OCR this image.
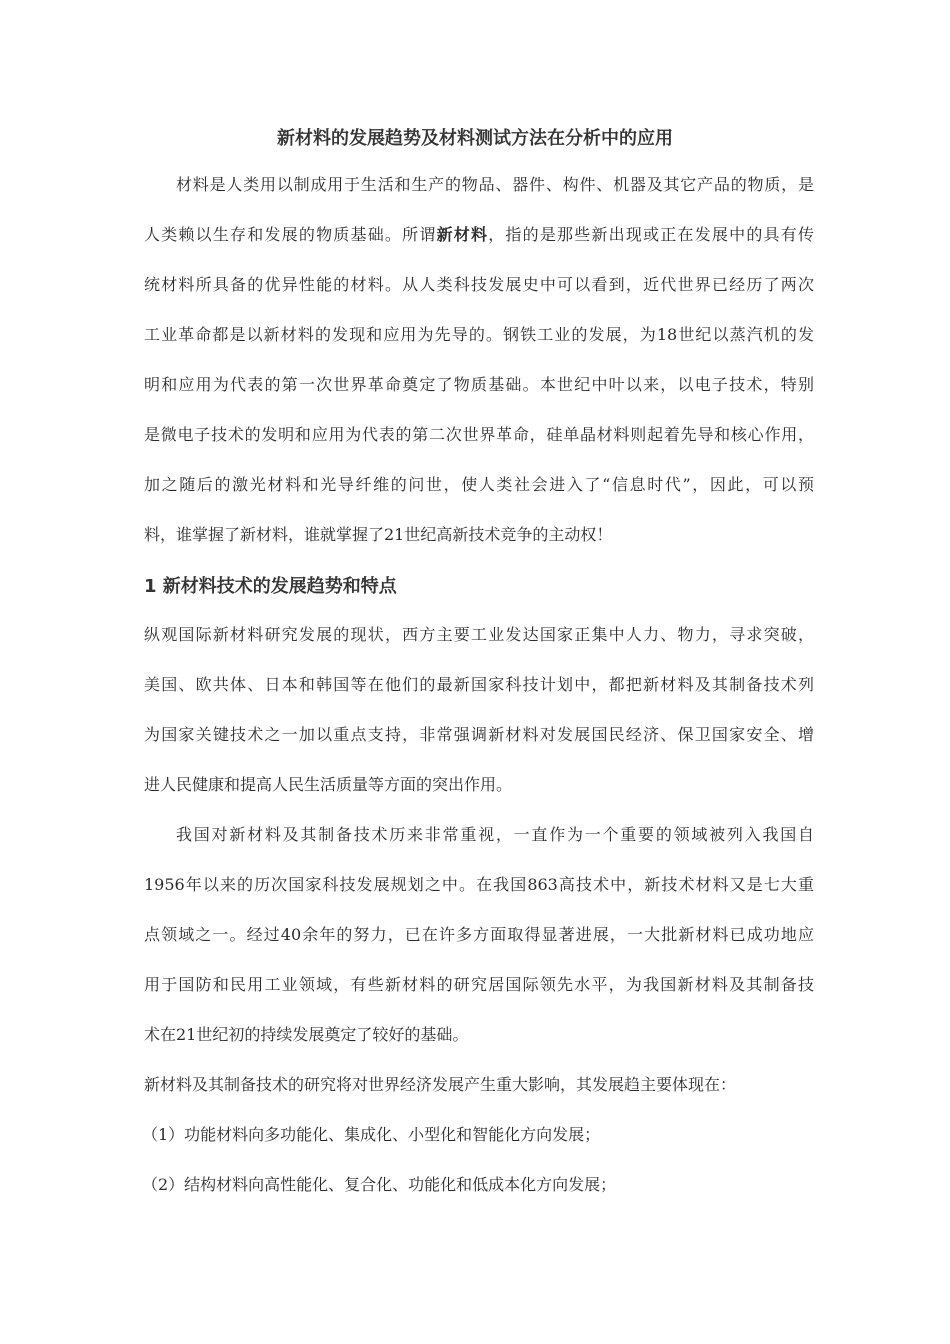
新材料的发展趋势及材料测试方法在分析中的应用
材料是人类用以制成用于生活和生产的物品、器件、构件、机器及其它产品的物质，是
人类赖以生存和发展的物质基础。所谓新材料，指的是那些新出现或正在发展中的具有传
统材料所具备的优异性能的材料。从人类科技发展史中可以看到，近代世界已经历了两次
工业革命都是以新材料的发现和应用为先导的。钢铁工业的发展，为18世纪以蒸汽机的发
明和应用为代表的第一次世界革命奠定了物质基础。本世纪中叶以来，以电子技术，特别
是微电子技术的发明和应用为代表的第二次世界革命，硅单晶材料则起着先导和核心作用，
加之随后的激光材料和光导纤维的问世，使人类社会进入了“信息时代”，因此，可以预
料，谁掌握了新材料，谁就掌握了21世纪高新技术竞争的主动权！
1 新材料技术的发展趋势和特点
纵观国际新材料研究发展的现状，西方主要工业发达国家正集中人力、物力，寻求突破，
美国、欧共体、日本和韩国等在他们的最新国家科技计划中，都把新材料及其制备技术列
为国家关键技术之一加以重点支持，非常强调新材料对发展国民经济、保卫国家安全、增
进人民健康和提高人民生活质量等方面的突出作用。
我国对新材料及其制备技术历来非常重视，一直作为一个重要的领域被列入我国自
1956年以来的历次国家科技发展规划之中。在我国863高技术中，新技术材料又是七大重
点领域之一。经过40余年的努力，已在许多方面取得显著进展，一大批新材料已成功地应
用于国防和民用工业领域，有些新材料的研究居国际领先水平，为我国新材料及其制备技
术在21世纪初的持续发展奠定了较好的基础。
新材料及其制备技术的研究将对世界经济发展产生重大影响，其发展趋主要体现在：
（1）功能材料向多功能化、集成化、小型化和智能化方向发展；
（2）结构材料向高性能化、复合化、功能化和低成本化方向发展；
